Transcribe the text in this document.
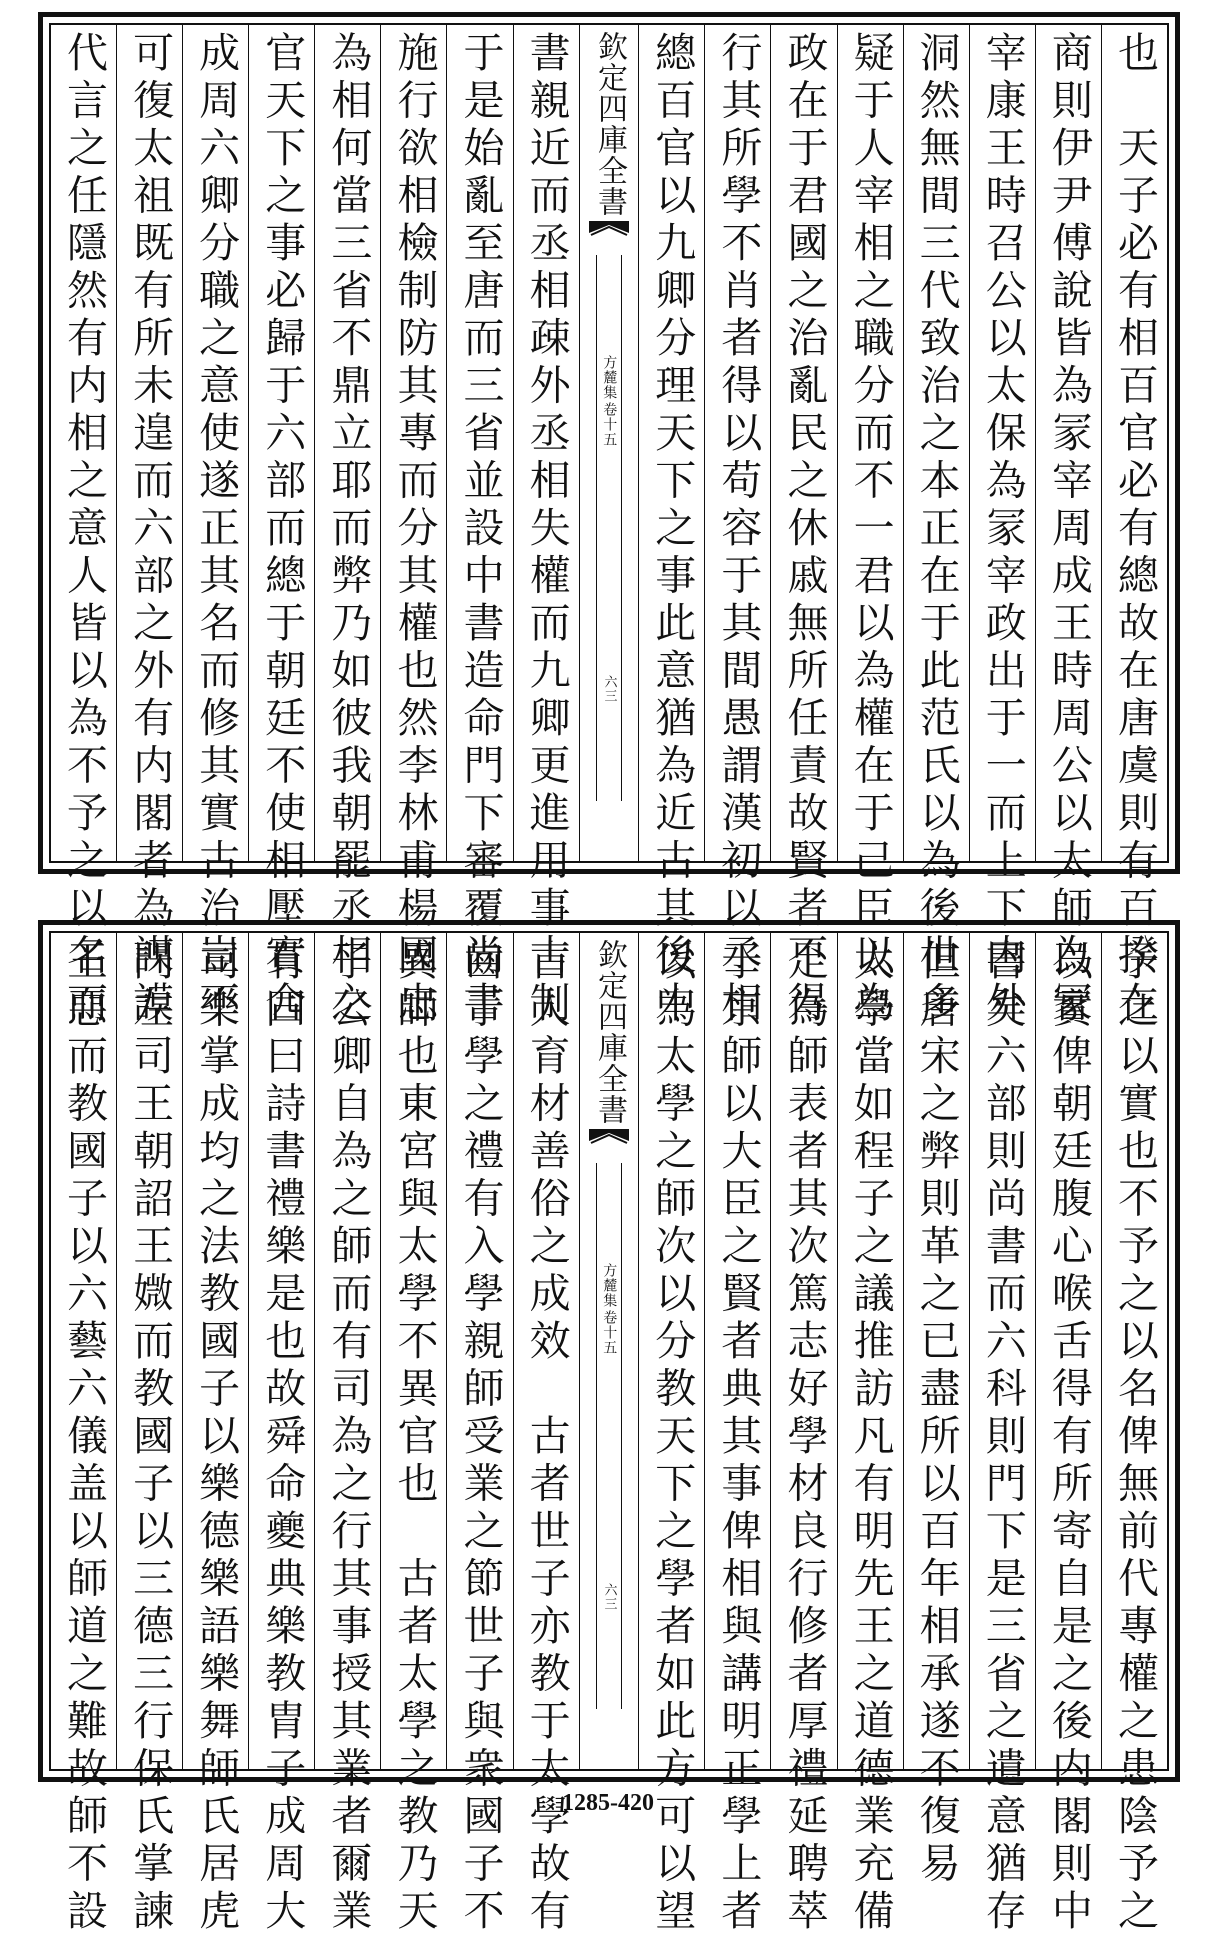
也　天子必有相百官必有總故在唐虞則有百揆在
商則伊尹傅說皆為冡宰周成王時周公以太師為冡
宰康王時召公以太保為冡宰政出于一而上下内外
洞然無間三代致治之本正在于此范氏以為後世多
疑于人宰相之職分而不一君以為權在于己臣以為
政在于君國之治亂民之休戚無所任責故賢者不得
行其所學不肖者得以苟容于其間愚謂漢初以丞相
總百官以九卿分理天下之事此意猶為近古其後中
欽定四庫全書
方麓集
卷十五
六三
書親近而丞相疎外丞相失權而九卿更進用事古制
于是始亂至唐而三省並設中書造命門下審覆尚書
施行欲相檢制防其專而分其權也然李林甫楊國忠
為相何當三省不鼎立耶而弊乃如彼我朝罷丞相之
官天下之事必歸于六部而總于朝廷不使相壓實合
成周六卿分職之意使遂正其名而修其實古治豈不
可復太祖既有所未遑而六部之外有内閣者為謀謨
代言之任隱然有内相之意人皆以為不予之以名而
予之以實也不予之以名俾無前代專權之患陰予之
以實俾朝廷腹心喉舌得有所寄自是之後内閣則中
書矣六部則尚書而六科則門下是三省之遺意猶存
但唐宋之弊則革之已盡所以百年相承遂不復易
太學當如程子之議推訪凡有明先王之道德業充備
足為師表者其次篤志好學材良行修者厚禮延聘萃
于京師以大臣之賢者典其事俾相與講明正學上者
以為太學之師次以分教天下之學者如此方可以望
欽定四庫全書
方麓集
卷十五
六三
古人育材善俗之成效　古者世子亦教于太學故有
齒于學之禮有入學親師受業之節世子與衆國子不
異師也東宮與太學不異官也　古者太學之教乃天
子公卿自為之師而有司為之行其事授其業者爾業
有四曰詩書禮樂是也故舜命夔典樂教胄子成周大
司樂掌成均之法教國子以樂德樂語樂舞師氏居虎
門左司王朝詔王媺而教國子以三德三行保氏掌諫
王惡而教國子以六藝六儀盖以師道之難故師不設	1285-420
